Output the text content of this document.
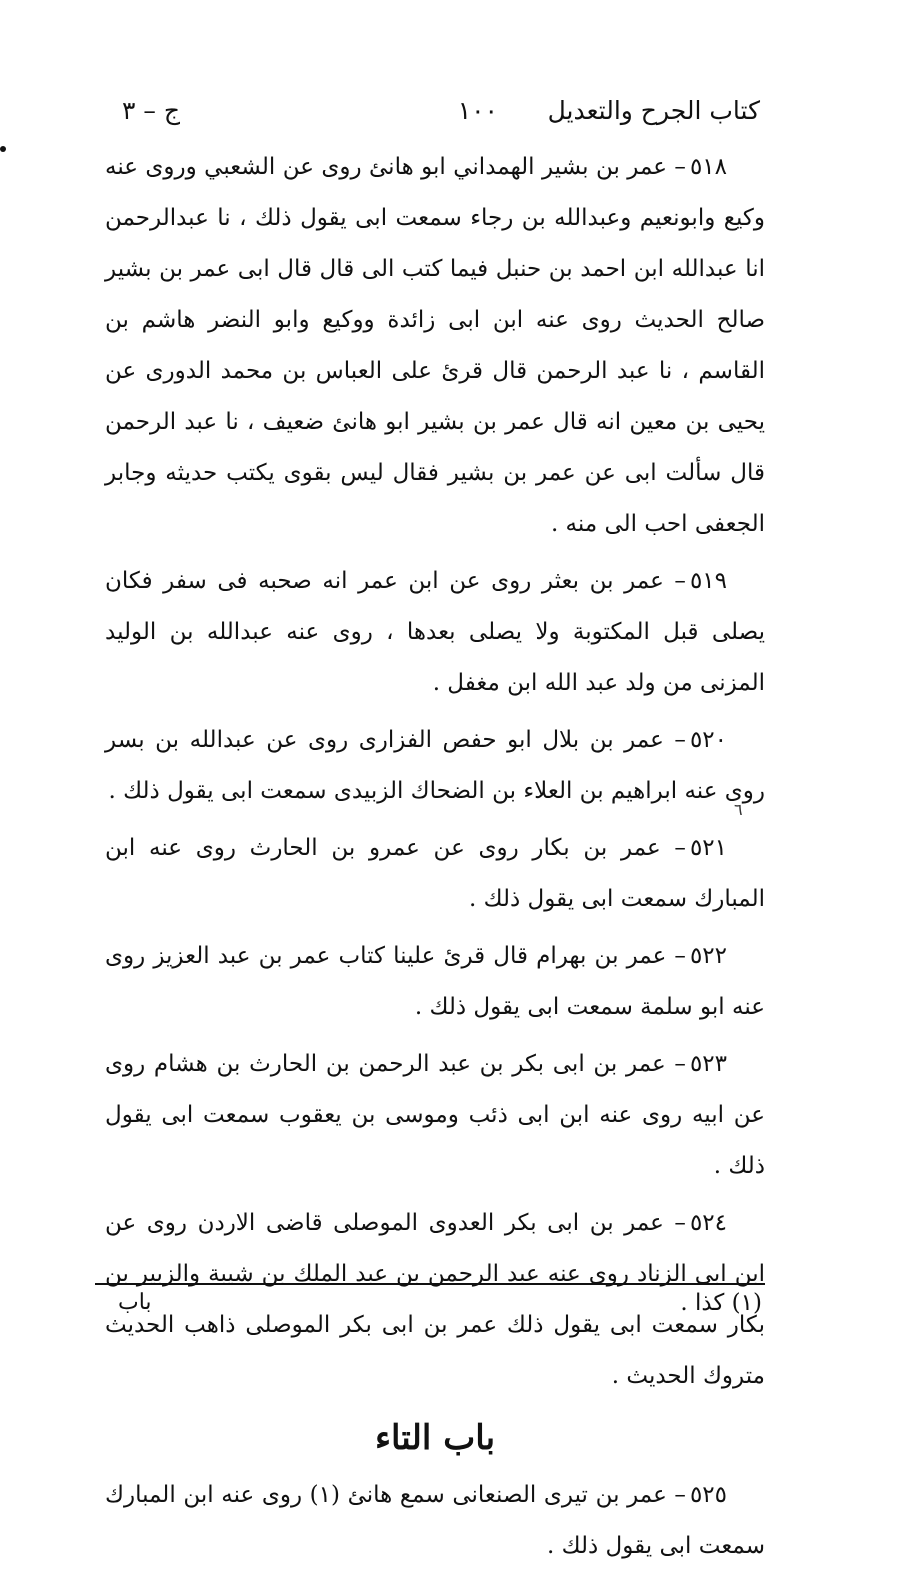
كتاب الجرح والتعديل
١٠٠
ج – ٣
٦

٥١٨– عمر بن بشير الهمداني ابو هانئ روى عن الشعبي وروى عنه وكيع وابونعيم وعبدالله بن رجاء سمعت ابى يقول ذلك ، نا عبدالرحمن انا عبدالله ابن احمد بن حنبل فيما كتب الى قال قال ابى عمر بن بشير صالح الحديث روى عنه ابن ابى زائدة ووكيع وابو النضر هاشم بن القاسم ، نا عبد الرحمن قال قرئ على العباس بن محمد الدورى عن يحيى بن معين انه قال عمر بن بشير ابو هانئ ضعيف ، نا عبد الرحمن قال سألت ابى عن عمر بن بشير فقال ليس بقوى يكتب حديثه وجابر الجعفى احب الى منه .

٥١٩– عمر بن بعثر روى عن ابن عمر انه صحبه فى سفر فكان يصلى قبل المكتوبة ولا يصلى بعدها ، روى عنه عبدالله بن الوليد المزنى من ولد عبد الله ابن مغفل .

٥٢٠– عمر بن بلال ابو حفص الفزارى روى عن عبدالله بن بسر روى عنه ابراهيم بن العلاء بن الضحاك الزبيدى سمعت ابى يقول ذلك .

٥٢١– عمر بن بكار روى عن عمرو بن الحارث روى عنه ابن المبارك سمعت ابى يقول ذلك .

٥٢٢– عمر بن بهرام قال قرئ علينا كتاب عمر بن عبد العزيز روى عنه ابو سلمة سمعت ابى يقول ذلك .

٥٢٣– عمر بن ابى بكر بن عبد الرحمن بن الحارث بن هشام روى عن ابيه روى عنه ابن ابى ذئب وموسى بن يعقوب سمعت ابى يقول ذلك .

٥٢٤– عمر بن ابى بكر العدوى الموصلى قاضى الاردن روى عن ابن ابى الزناد روى عنه عبد الرحمن بن عبد الملك بن شيبة والزبير بن بكار سمعت ابى يقول ذلك عمر بن ابى بكر الموصلى ذاهب الحديث متروك الحديث .

باب التاء

٥٢٥– عمر بن تيرى الصنعانى سمع هانئ (١) روى عنه ابن المبارك سمعت ابى يقول ذلك .

(١) كذا .
باب
